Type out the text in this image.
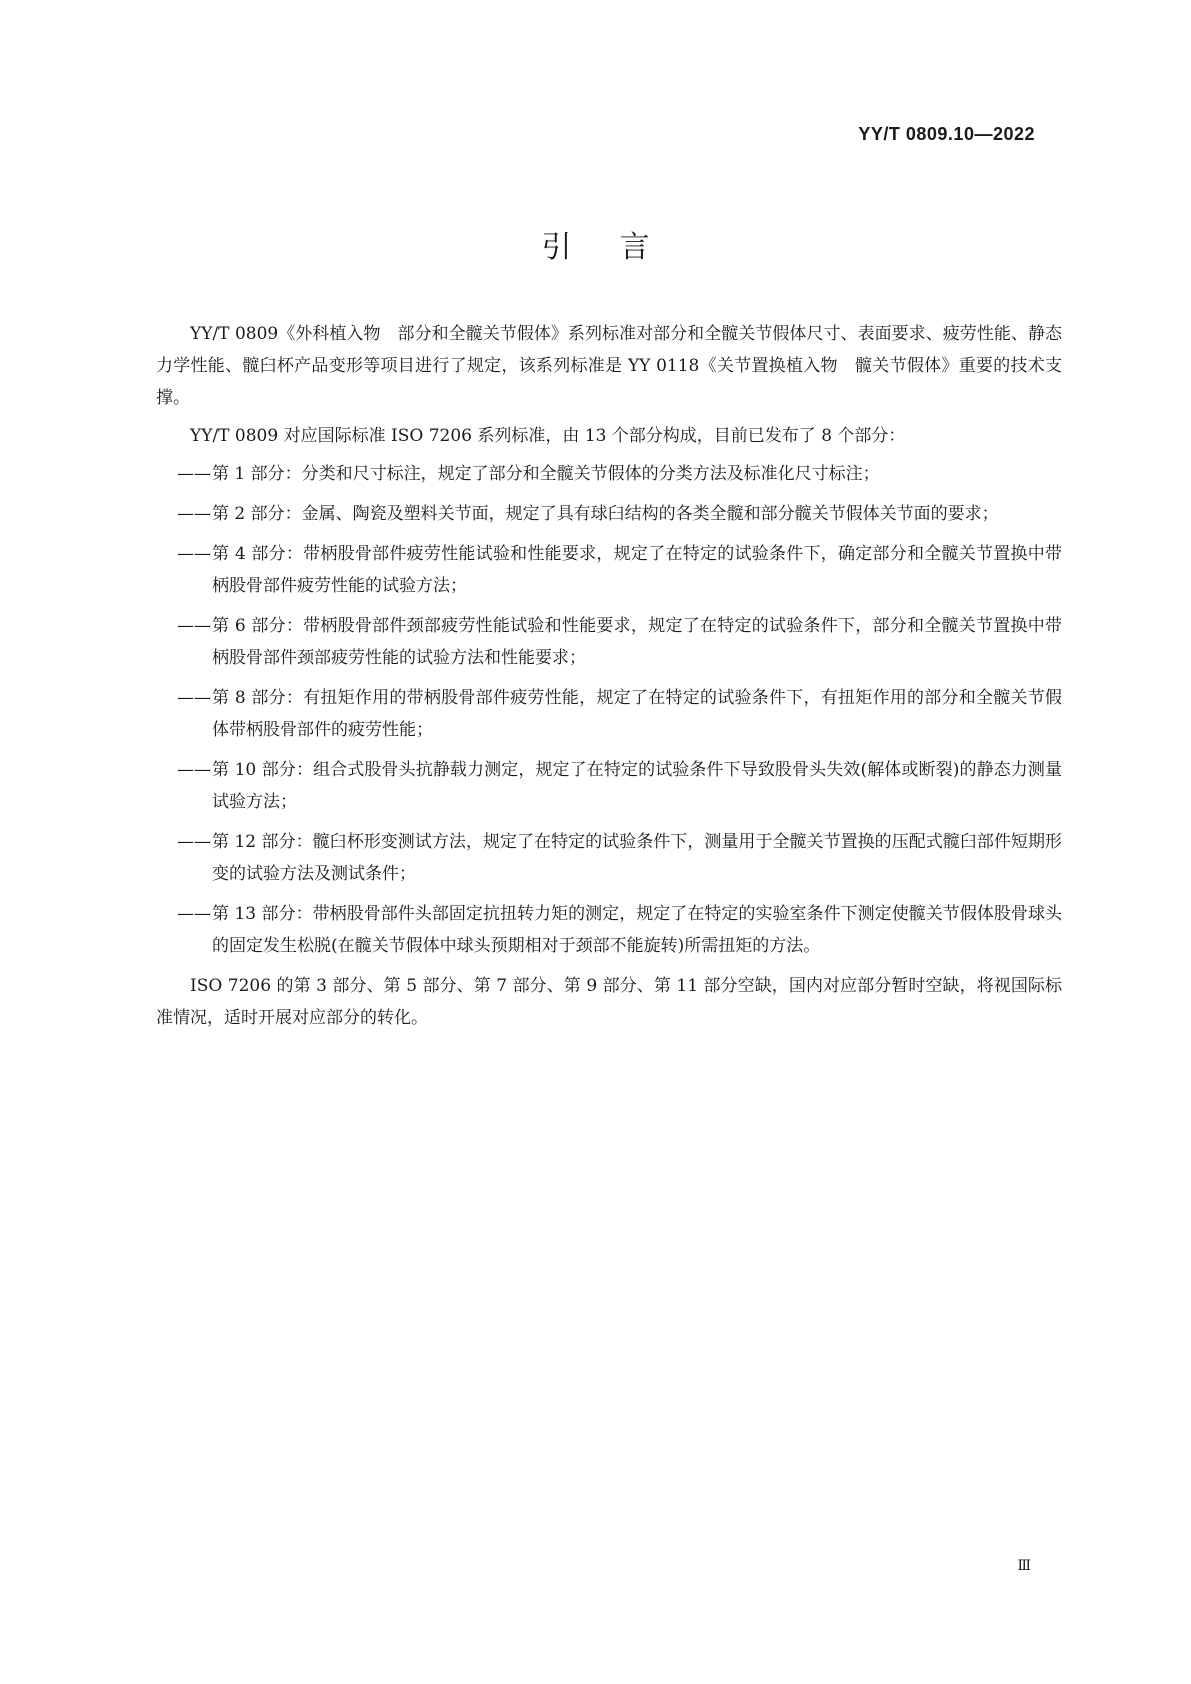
YY/T 0809.10—2022
引言

YY/T 0809《外科植入物　部分和全髋关节假体》系列标准对部分和全髋关节假体尺寸、表面要求、疲劳性能、静态力学性能、髋臼杯产品变形等项目进行了规定，该系列标准是 YY 0118《关节置换植入物　髋关节假体》重要的技术支撑。

YY/T 0809 对应国际标准 ISO 7206 系列标准，由 13 个部分构成，目前已发布了 8 个部分：

—— 第 1 部分：分类和尺寸标注，规定了部分和全髋关节假体的分类方法及标准化尺寸标注；
—— 第 2 部分：金属、陶瓷及塑料关节面，规定了具有球臼结构的各类全髋和部分髋关节假体关节面的要求；
—— 第 4 部分：带柄股骨部件疲劳性能试验和性能要求，规定了在特定的试验条件下，确定部分和全髋关节置换中带柄股骨部件疲劳性能的试验方法；
—— 第 6 部分：带柄股骨部件颈部疲劳性能试验和性能要求，规定了在特定的试验条件下，部分和全髋关节置换中带柄股骨部件颈部疲劳性能的试验方法和性能要求；
—— 第 8 部分：有扭矩作用的带柄股骨部件疲劳性能，规定了在特定的试验条件下，有扭矩作用的部分和全髋关节假体带柄股骨部件的疲劳性能；
—— 第 10 部分：组合式股骨头抗静载力测定，规定了在特定的试验条件下导致股骨头失效(解体或断裂)的静态力测量试验方法；
—— 第 12 部分：髋臼杯形变测试方法，规定了在特定的试验条件下，测量用于全髋关节置换的压配式髋臼部件短期形变的试验方法及测试条件；
—— 第 13 部分：带柄股骨部件头部固定抗扭转力矩的测定，规定了在特定的实验室条件下测定使髋关节假体股骨球头的固定发生松脱(在髋关节假体中球头预期相对于颈部不能旋转)所需扭矩的方法。

ISO 7206 的第 3 部分、第 5 部分、第 7 部分、第 9 部分、第 11 部分空缺，国内对应部分暂时空缺，将视国际标准情况，适时开展对应部分的转化。

Ⅲ
